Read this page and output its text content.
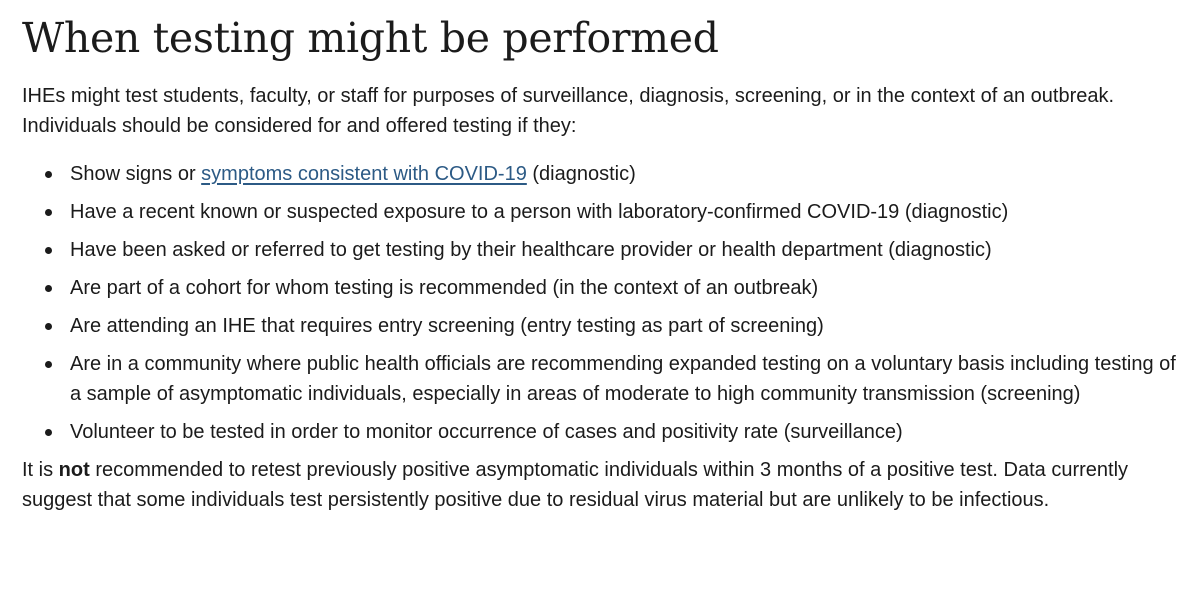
When testing might be performed

IHEs might test students, faculty, or staff for purposes of surveillance, diagnosis, screening, or in the context of an outbreak.
Individuals should be considered for and offered testing if they:

Show signs or symptoms consistent with COVID-19 (diagnostic)
Have a recent known or suspected exposure to a person with laboratory-confirmed COVID-19 (diagnostic)
Have been asked or referred to get testing by their healthcare provider or health department (diagnostic)
Are part of a cohort for whom testing is recommended (in the context of an outbreak)
Are attending an IHE that requires entry screening (entry testing as part of screening)
Are in a community where public health officials are recommending expanded testing on a voluntary basis including testing of a sample of asymptomatic individuals, especially in areas of moderate to high community transmission (screening)
Volunteer to be tested in order to monitor occurrence of cases and positivity rate (surveillance)

It is not recommended to retest previously positive asymptomatic individuals within 3 months of a positive test. Data currently suggest that some individuals test persistently positive due to residual virus material but are unlikely to be infectious.
